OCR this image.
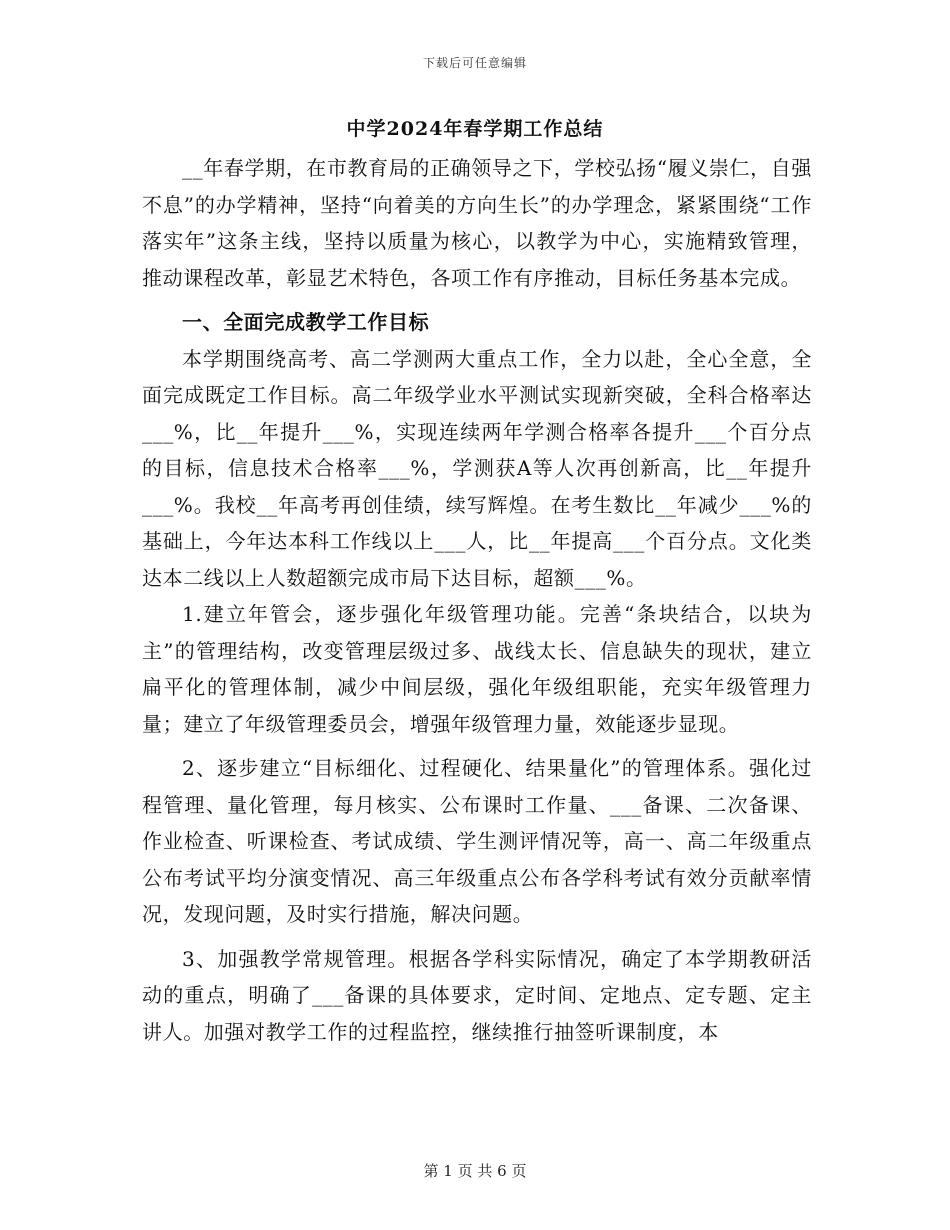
下载后可任意编辑
中学2024年春学期工作总结

__年春学期，在市教育局的正确领导之下，学校弘扬“履义崇仁，自强不息”的办学精神，坚持“向着美的方向生长”的办学理念，紧紧围绕“工作落实年”这条主线，坚持以质量为核心，以教学为中心，实施精致管理，推动课程改革，彰显艺术特色，各项工作有序推动，目标任务基本完成。

一、全面完成教学工作目标

本学期围绕高考、高二学测两大重点工作，全力以赴，全心全意，全面完成既定工作目标。高二年级学业水平测试实现新突破，全科合格率达___%，比__年提升___%，实现连续两年学测合格率各提升___个百分点的目标，信息技术合格率___%，学测获A等人次再创新高，比__年提升___%。我校__年高考再创佳绩，续写辉煌。在考生数比__年减少___%的基础上，今年达本科工作线以上___人，比__年提高___个百分点。文化类达本二线以上人数超额完成市局下达目标，超额___%。

1.建立年管会，逐步强化年级管理功能。完善“条块结合，以块为主”的管理结构，改变管理层级过多、战线太长、信息缺失的现状，建立扁平化的管理体制，减少中间层级，强化年级组职能，充实年级管理力量；建立了年级管理委员会，增强年级管理力量，效能逐步显现。

2、逐步建立“目标细化、过程硬化、结果量化”的管理体系。强化过程管理、量化管理，每月核实、公布课时工作量、___备课、二次备课、作业检查、听课检查、考试成绩、学生测评情况等，高一、高二年级重点公布考试平均分演变情况、高三年级重点公布各学科考试有效分贡献率情况，发现问题，及时实行措施，解决问题。

3、加强教学常规管理。根据各学科实际情况，确定了本学期教研活动的重点，明确了___备课的具体要求，定时间、定地点、定专题、定主讲人。加强对教学工作的过程监控，继续推行抽签听课制度，本

第 1 页 共 6 页
